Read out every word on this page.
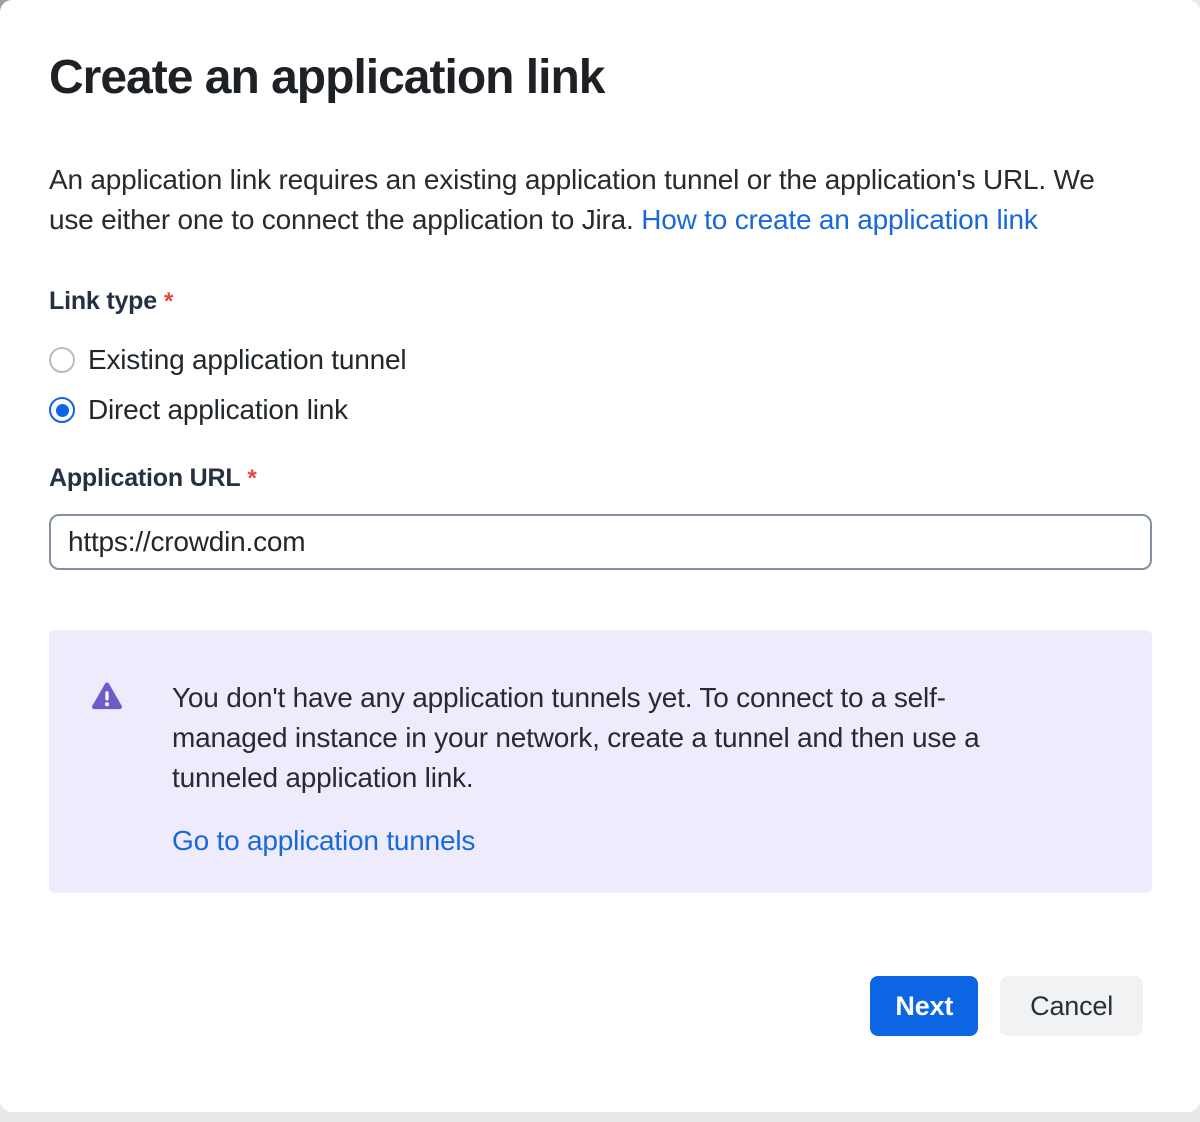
Create an application link

An application link requires an existing application tunnel or the application's URL. We use either one to connect the application to Jira. How to create an application link

Link type *
Existing application tunnel
Direct application link
Application URL *
https://crowdin.com
You don't have any application tunnels yet. To connect to a self-managed instance in your network, create a tunnel and then use a tunneled application link.
Go to application tunnels
Next	Cancel
